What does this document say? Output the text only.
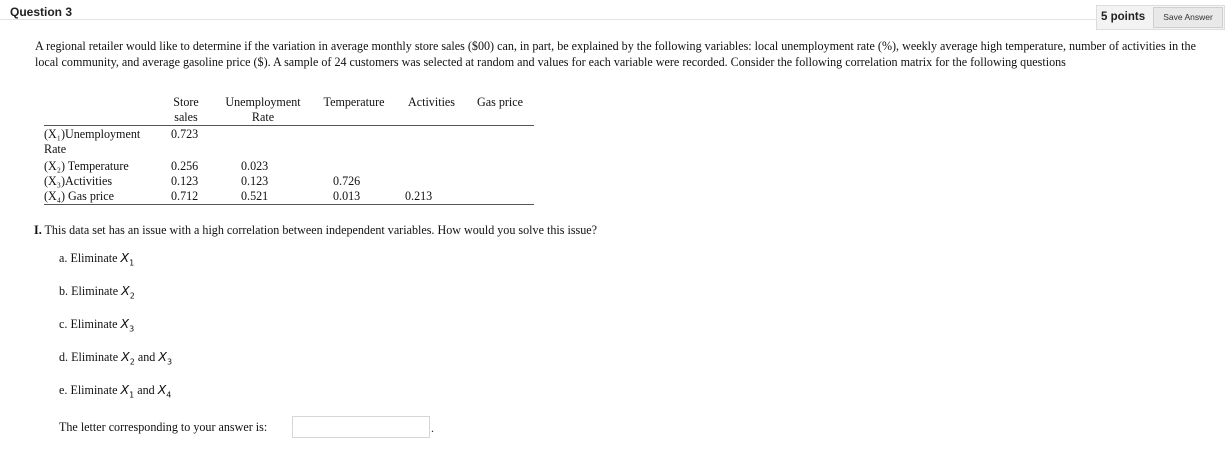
Question 3	5 points	Save Answer
A regional retailer would like to determine if the variation in average monthly store sales ($00) can, in part, be explained by the following variables: local unemployment rate (%), weekly average high temperature, number of activities in the local community, and average gasoline price ($). A sample of 24 customers was selected at random and values for each variable were recorded. Consider the following correlation matrix for the following questions
	Store sales	Unemployment Rate	Temperature	Activities	Gas price
(X₁)Unemployment Rate	0.723				
(X₂) Temperature	0.256	0.023			
(X₃)Activities	0.123	0.123	0.726		
(X₄) Gas price	0.712	0.521	0.013	0.213	
I. This data set has an issue with a high correlation between independent variables. How would you solve this issue?
a. Eliminate $X_1$
b. Eliminate $X_2$
c. Eliminate $X_3$
d. Eliminate $X_2$ and $X_3$
e. Eliminate $X_1$ and $X_4$
The letter corresponding to your answer is:	.
